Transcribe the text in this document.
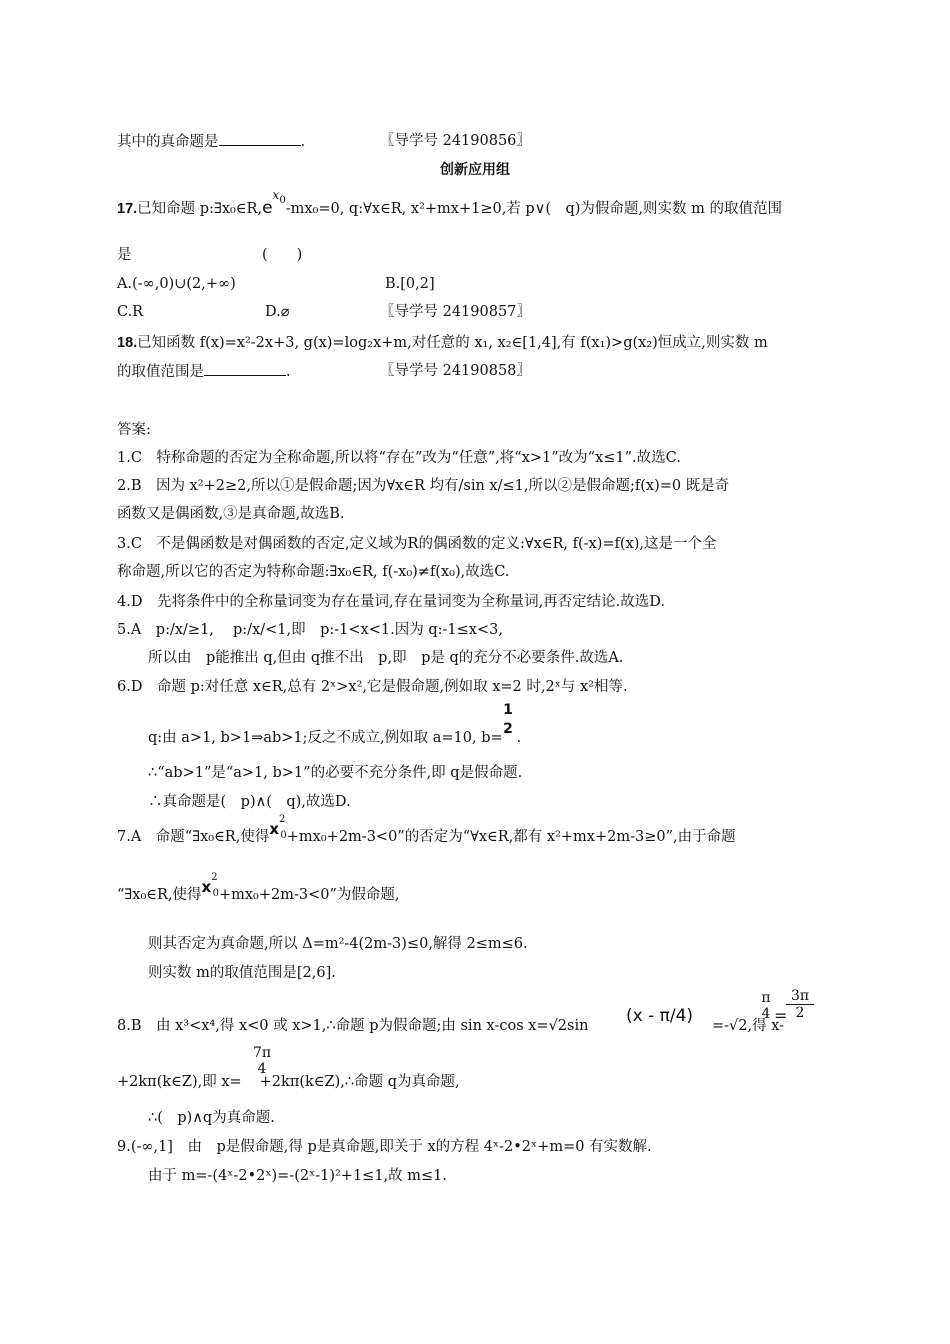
其中的真命题是	.	〖导学号 24190856〗
创新应用组
17.已知命题 $p:\exists x_0\in R,e^{x0}-mx_0=0$, q:∀x∈R, x²+mx+1≥0,若 p∨(　q)为假命题,则实数 m 的取值范围
是　　　　　　　　　(　　)
A.(-∞,0)∪(2,+∞)	B.[0,2]
C.R	D.⌀	〖导学号 24190857〗
18.已知函数 f(x)=x²-2x+3, g(x)=log₂x+m,对任意的 x₁, x₂∈[1,4],有 f(x₁)>g(x₂)恒成立,则实数 m
的取值范围是	.	〖导学号 24190858〗
答案:
1.C　特称命题的否定为全称命题,所以将“存在”改为“任意”,将“x>1”改为“x≤1”.故选C.
2.B　因为 x²+2≥2,所以①是假命题;因为∀x∈R 均有/sin x/≤1,所以②是假命题;f(x)=0 既是奇
函数又是偶函数,③是真命题,故选B.
3.C　不是偶函数是对偶函数的否定,定义域为R的偶函数的定义:∀x∈R, f(-x)=f(x),这是一个全
称命题,所以它的否定为特称命题:∃x₀∈R, f(-x₀)≠f(x₀),故选C.
4.D　先将条件中的全称量词变为存在量词,存在量词变为全称量词,再否定结论.故选D.
5.A　p:/x/≥1,　 p:/x/<1,即　p:-1<x<1.因为 q:-1≤x<3,
所以由　p能推出 q,但由 q推不出　p,即　p是 q的充分不必要条件.故选A.
6.D　命题 p:对任意 x∈R,总有 2ˣ>x²,它是假命题,例如取 x=2 时,2ˣ与 x²相等.
q:由 a>1, b>1⇒ab>1;反之不成立,例如取 a=10, b= .
1
2
∴“ab>1”是“a>1, b>1”的必要不充分条件,即 q是假命题.
∴真命题是(　p)∧(　q),故选D.
7.A　命题“∃x₀∈R,使得$x^{20}+mx_0+2m-3<0$”的否定为“∀x∈R,都有 x²+mx+2m-3≥0”,由于命题
“∃x₀∈R,使得$x^{20}+mx_0+2m-3<0$”为假命题,
则其否定为真命题,所以 Δ=m²-4(2m-3)≤0,解得 2≤m≤6.
则实数 m的取值范围是[2,6].
8.B　由 x³<x⁴,得 x<0 或 x>1,∴命题 p为假命题;由 sin x-cos x=√2sin (x - π/4) =-√2,得 x-
π
4 =
$\frac{3\pi}{2}$
+2kπ(k∈Z),即 x= +2kπ(k∈Z),∴命题 q为真命题,
7π
4
∴(　p)∧q为真命题.
9.(-∞,1]　由　p是假命题,得 p是真命题,即关于 x的方程 4ˣ-2•2ˣ+m=0 有实数解.
由于 m=-(4ˣ-2•2ˣ)=-(2ˣ-1)²+1≤1,故 m≤1.
